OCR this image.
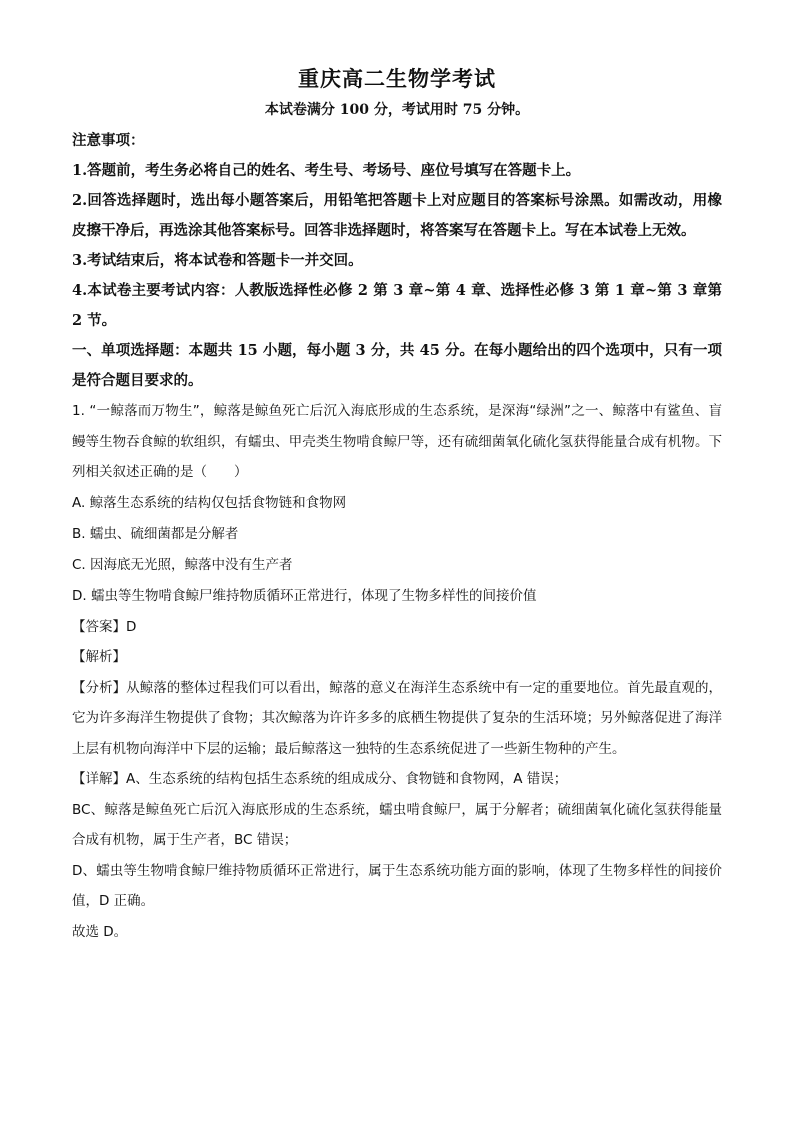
重庆高二生物学考试

本试卷满分 100 分，考试用时 75 分钟。

注意事项：

1.答题前，考生务必将自己的姓名、考生号、考场号、座位号填写在答题卡上。

2.回答选择题时，选出每小题答案后，用铅笔把答题卡上对应题目的答案标号涂黑。如需改动，用橡皮擦干净后，再选涂其他答案标号。回答非选择题时，将答案写在答题卡上。写在本试卷上无效。

3.考试结束后，将本试卷和答题卡一并交回。

4.本试卷主要考试内容：人教版选择性必修 2 第 3 章~第 4 章、选择性必修 3 第 1 章~第 3 章第 2 节。

一、单项选择题：本题共 15 小题，每小题 3 分，共 45 分。在每小题给出的四个选项中，只有一项是符合题目要求的。

1. “一鲸落而万物生”，鲸落是鲸鱼死亡后沉入海底形成的生态系统，是深海“绿洲”之一、鲸落中有鲨鱼、盲鳗等生物吞食鲸的软组织，有蠕虫、甲壳类生物啃食鲸尸等，还有硫细菌氧化硫化氢获得能量合成有机物。下列相关叙述正确的是（　　）

A. 鲸落生态系统的结构仅包括食物链和食物网

B. 蠕虫、硫细菌都是分解者

C. 因海底无光照，鲸落中没有生产者

D. 蠕虫等生物啃食鲸尸维持物质循环正常进行，体现了生物多样性的间接价值

【答案】D

【解析】

【分析】从鲸落的整体过程我们可以看出，鲸落的意义在海洋生态系统中有一定的重要地位。首先最直观的，它为许多海洋生物提供了食物；其次鲸落为许许多多的底栖生物提供了复杂的生活环境；另外鲸落促进了海洋上层有机物向海洋中下层的运输；最后鲸落这一独特的生态系统促进了一些新生物种的产生。

【详解】A、生态系统的结构包括生态系统的组成成分、食物链和食物网，A 错误；

BC、鲸落是鲸鱼死亡后沉入海底形成的生态系统，蠕虫啃食鲸尸，属于分解者；硫细菌氧化硫化氢获得能量合成有机物，属于生产者，BC 错误；

D、蠕虫等生物啃食鲸尸维持物质循环正常进行，属于生态系统功能方面的影响，体现了生物多样性的间接价值，D 正确。

故选 D。
